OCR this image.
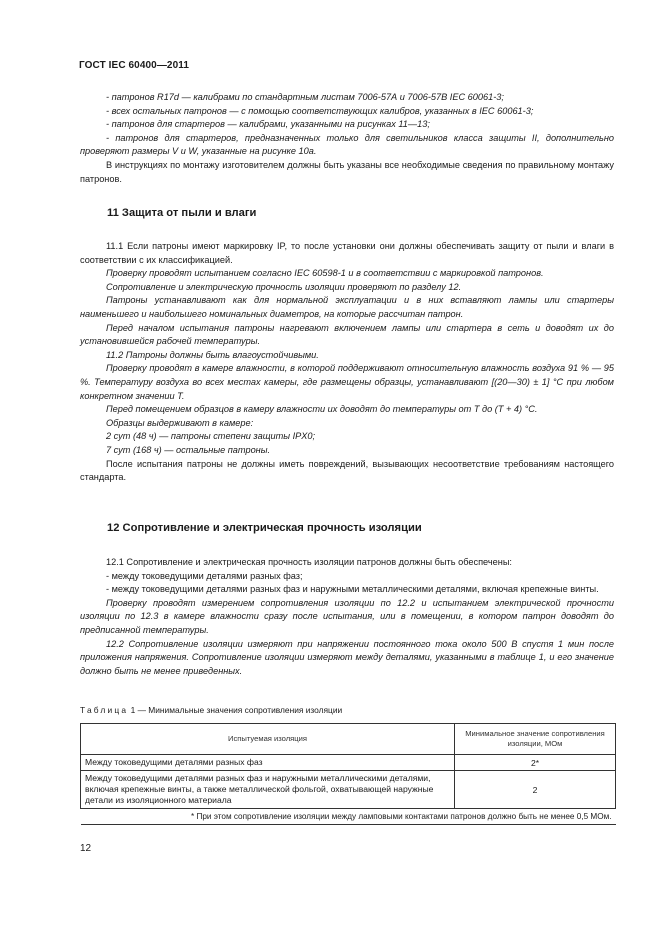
ГОСТ IEC 60400—2011

- патронов R17d — калибрами по стандартным листам 7006-57А и 7006-57В IEC 60061-3;

- всех остальных патронов — с помощью соответствующих калибров, указанных в IEC 60061-3;

- патронов для стартеров — калибрами, указанными на рисунках 11—13;

- патронов для стартеров, предназначенных только для светильников класса защиты II, дополнительно проверяют размеры V и W, указанные на рисунке 10а.

В инструкциях по монтажу изготовителем должны быть указаны все необходимые сведения по правильному монтажу патронов.

11 Защита от пыли и влаги

11.1 Если патроны имеют маркировку IP, то после установки они должны обеспечивать защиту от пыли и влаги в соответствии с их классификацией.

Проверку проводят испытанием согласно IEC 60598-1 и в соответствии с маркировкой патронов.

Сопротивление и электрическую прочность изоляции проверяют по разделу 12.

Патроны устанавливают как для нормальной эксплуатации и в них вставляют лампы или стартеры наименьшего и наибольшего номинальных диаметров, на которые рассчитан патрон.

Перед началом испытания патроны нагревают включением лампы или стартера в сеть и доводят их до установившейся рабочей температуры.

11.2 Патроны должны быть влагоустойчивыми.

Проверку проводят в камере влажности, в которой поддерживают относительную влажность воздуха 91 % — 95 %. Температуру воздуха во всех местах камеры, где размещены образцы, устанавливают [(20—30) ± 1] °С при любом конкретном значении Т.

Перед помещением образцов в камеру влажности их доводят до температуры от Т до (Т + 4) °С.

Образцы выдерживают в камере:

2 сут (48 ч) — патроны степени защиты IPX0;

7 сут (168 ч) — остальные патроны.

После испытания патроны не должны иметь повреждений, вызывающих несоответствие требованиям настоящего стандарта.

12 Сопротивление и электрическая прочность изоляции

12.1 Сопротивление и электрическая прочность изоляции патронов должны быть обеспечены:

- между токоведущими деталями разных фаз;

- между токоведущими деталями разных фаз и наружными металлическими деталями, включая крепежные винты.

Проверку проводят измерением сопротивления изоляции по 12.2 и испытанием электрической прочности изоляции по 12.3 в камере влажности сразу после испытания, или в помещении, в котором патрон доводят до предписанной температуры.

12.2 Сопротивление изоляции измеряют при напряжении постоянного тока около 500 В спустя 1 мин после приложения напряжения. Сопротивление изоляции измеряют между деталями, указанными в таблице 1, и его значение должно быть не менее приведенных.

Таблица 1 — Минимальные значения сопротивления изоляции
Испытуемая изоляция	Минимальное значение сопротивления изоляции, МОм
Между токоведущими деталями разных фаз	2*
Между токоведущими деталями разных фаз и наружными металлическими деталями, включая крепежные винты, а также металлической фольгой, охватывающей наружные детали из изоляционного материала	2
* При этом сопротивление изоляции между ламповыми контактами патронов должно быть не менее 0,5 МОм.	
12
